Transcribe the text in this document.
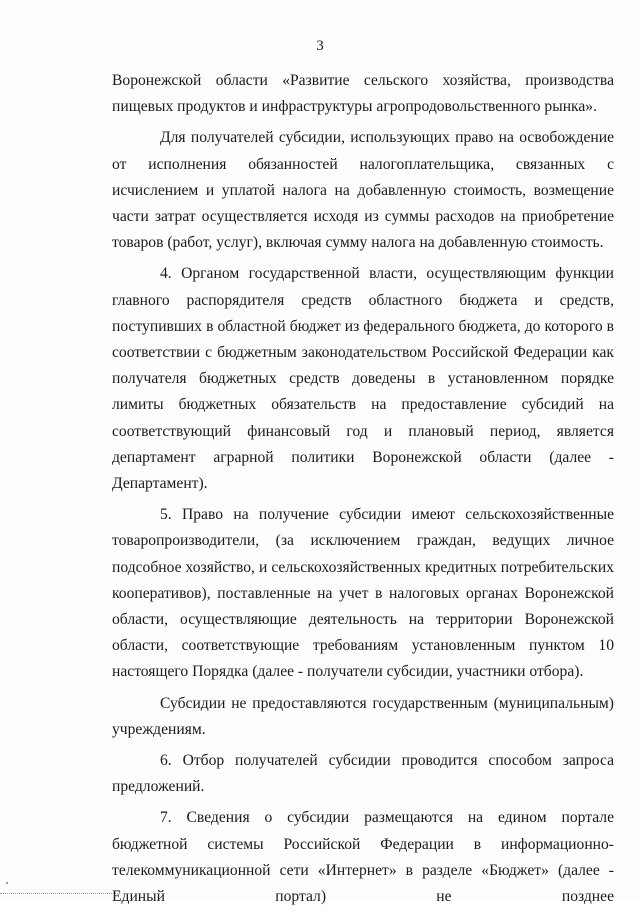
3

Воронежской области «Развитие сельского хозяйства, производства пищевых продуктов и инфраструктуры агропродовольственного рынка».

Для получателей субсидии, использующих право на освобождение от исполнения обязанностей налогоплательщика, связанных с исчислением и уплатой налога на добавленную стоимость, возмещение части затрат осуществляется исходя из суммы расходов на приобретение товаров (работ, услуг), включая сумму налога на добавленную стоимость.

4. Органом государственной власти, осуществляющим функции главного распорядителя средств областного бюджета и средств, поступивших в областной бюджет из федерального бюджета, до которого в соответствии с бюджетным законодательством Российской Федерации как получателя бюджетных средств доведены в установленном порядке лимиты бюджетных обязательств на предоставление субсидий на соответствующий финансовый год и плановый период, является департамент аграрной политики Воронежской области (далее - Департамент).

5. Право на получение субсидии имеют сельскохозяйственные товаропроизводители, (за исключением граждан, ведущих личное подсобное хозяйство, и сельскохозяйственных кредитных потребительских кооперативов), поставленные на учет в налоговых органах Воронежской области, осуществляющие деятельность на территории Воронежской области, соответствующие требованиям установленным пунктом 10 настоящего Порядка (далее - получатели субсидии, участники отбора).

Субсидии не предоставляются государственным (муниципальным) учреждениям.

6. Отбор получателей субсидии проводится способом запроса предложений.

7. Сведения о субсидии размещаются на едином портале бюджетной системы Российской Федерации в информационно-телекоммуникационной сети «Интернет» в разделе «Бюджет» (далее - Единый портал) не позднее
